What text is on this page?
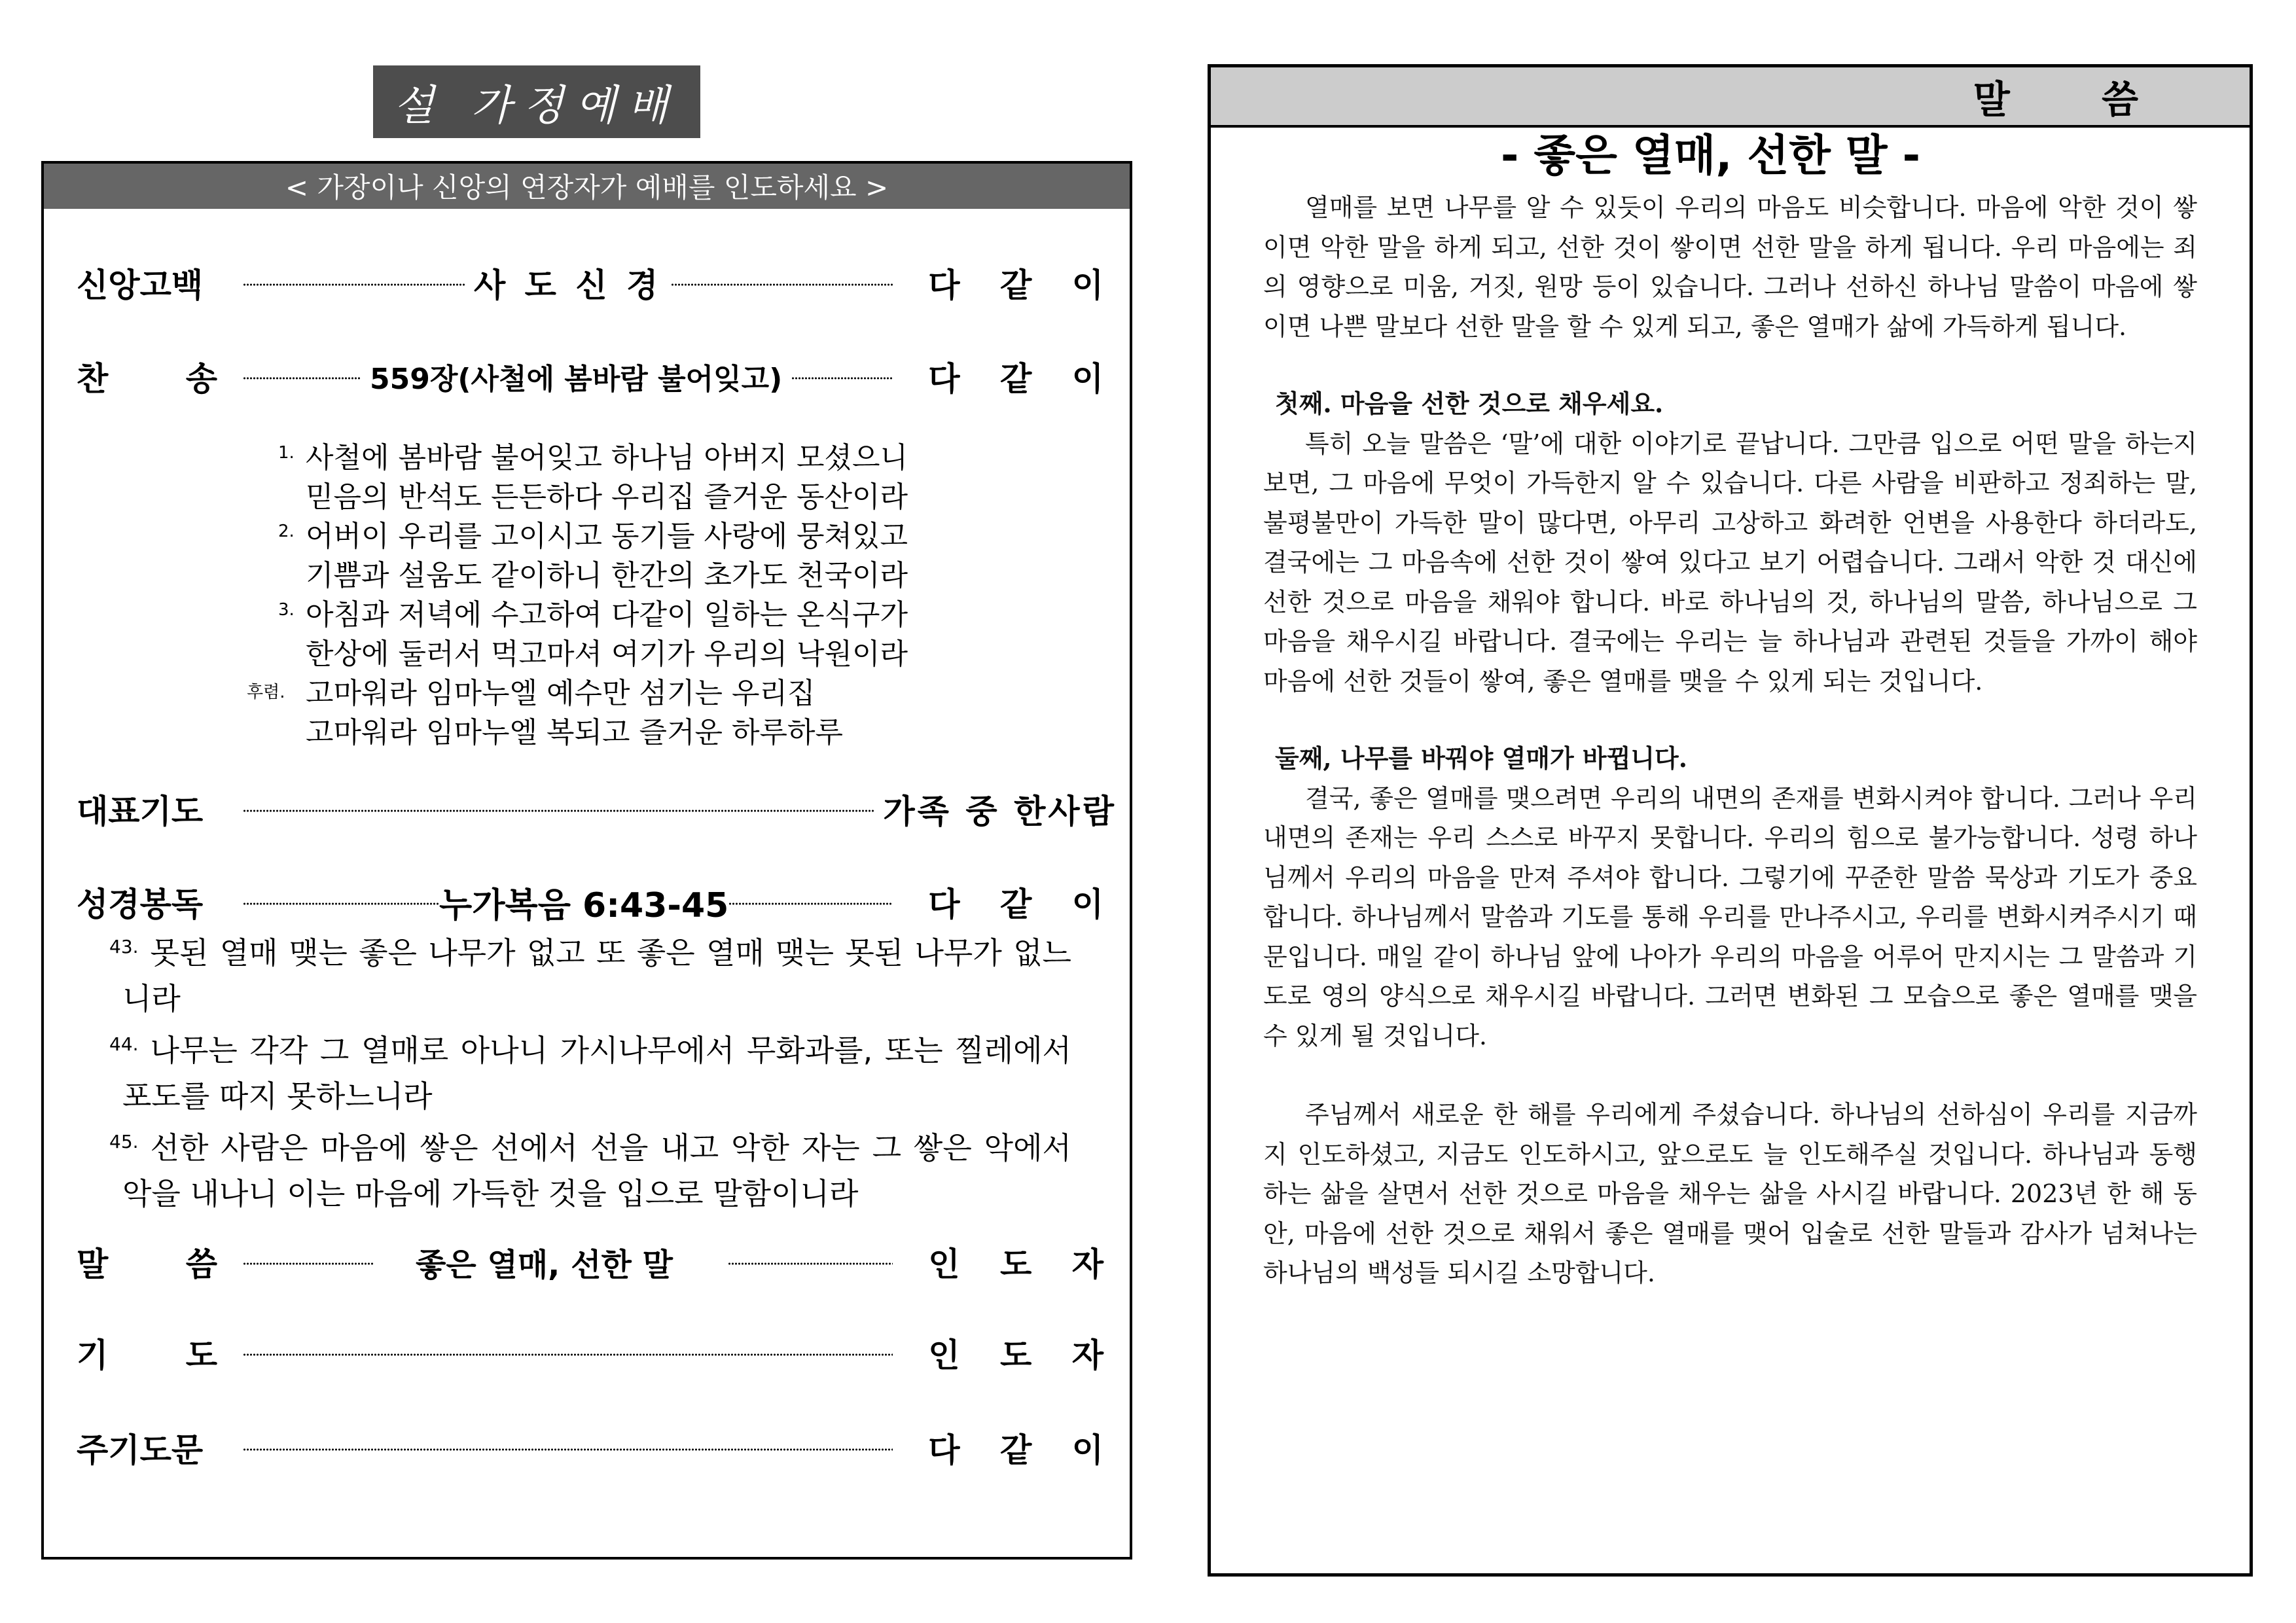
설 가정예배
< 가장이나 신앙의 연장자가 예배를 인도하세요 >
신앙고백	사 도 신 경	다 같 이
찬 송	559장(사철에 봄바람 불어잊고)	다 같 이
1. 사철에 봄바람 불어잊고 하나님 아버지 모셨으니
믿음의 반석도 든든하다 우리집 즐거운 동산이라
2. 어버이 우리를 고이시고 동기들 사랑에 뭉쳐있고
기쁨과 설움도 같이하니 한간의 초가도 천국이라
3. 아침과 저녁에 수고하여 다같이 일하는 온식구가
한상에 둘러서 먹고마셔 여기가 우리의 낙원이라
후렴. 고마워라 임마누엘 예수만 섬기는 우리집
고마워라 임마누엘 복되고 즐거운 하루하루
대표기도	가족 중 한사람
성경봉독	누가복음 6:43-45	다 같 이
$^{43.}$ 못된 열매 맺는 좋은 나무가 없고 또 좋은 열매 맺는 못된 나무가 없느니라
$^{44.}$ 나무는 각각 그 열매로 아나니 가시나무에서 무화과를, 또는 찔레에서 포도를 따지 못하느니라
$^{45.}$ 선한 사람은 마음에 쌓은 선에서 선을 내고 악한 자는 그 쌓은 악에서 악을 내나니 이는 마음에 가득한 것을 입으로 말함이니라
말 씀	좋은 열매, 선한 말	인 도 자
기 도	인 도 자
주기도문	다 같 이
말 씀
- 좋은 열매, 선한 말 -

열매를 보면 나무를 알 수 있듯이 우리의 마음도 비슷합니다. 마음에 악한 것이 쌓이면 악한 말을 하게 되고, 선한 것이 쌓이면 선한 말을 하게 됩니다. 우리 마음에는 죄의 영향으로 미움, 거짓, 원망 등이 있습니다. 그러나 선하신 하나님 말씀이 마음에 쌓이면 나쁜 말보다 선한 말을 할 수 있게 되고, 좋은 열매가 삶에 가득하게 됩니다.

첫째. 마음을 선한 것으로 채우세요.

특히 오늘 말씀은 ‘말’에 대한 이야기로 끝납니다. 그만큼 입으로 어떤 말을 하는지 보면, 그 마음에 무엇이 가득한지 알 수 있습니다. 다른 사람을 비판하고 정죄하는 말, 불평불만이 가득한 말이 많다면, 아무리 고상하고 화려한 언변을 사용한다 하더라도, 결국에는 그 마음속에 선한 것이 쌓여 있다고 보기 어렵습니다. 그래서 악한 것 대신에 선한 것으로 마음을 채워야 합니다. 바로 하나님의 것, 하나님의 말씀, 하나님으로 그 마음을 채우시길 바랍니다. 결국에는 우리는 늘 하나님과 관련된 것들을 가까이 해야 마음에 선한 것들이 쌓여, 좋은 열매를 맺을 수 있게 되는 것입니다.

둘째, 나무를 바꿔야 열매가 바뀝니다.

결국, 좋은 열매를 맺으려면 우리의 내면의 존재를 변화시켜야 합니다. 그러나 우리 내면의 존재는 우리 스스로 바꾸지 못합니다. 우리의 힘으로 불가능합니다. 성령 하나님께서 우리의 마음을 만져 주셔야 합니다. 그렇기에 꾸준한 말씀 묵상과 기도가 중요합니다. 하나님께서 말씀과 기도를 통해 우리를 만나주시고, 우리를 변화시켜주시기 때문입니다. 매일 같이 하나님 앞에 나아가 우리의 마음을 어루어 만지시는 그 말씀과 기도로 영의 양식으로 채우시길 바랍니다. 그러면 변화된 그 모습으로 좋은 열매를 맺을 수 있게 될 것입니다.

주님께서 새로운 한 해를 우리에게 주셨습니다. 하나님의 선하심이 우리를 지금까지 인도하셨고, 지금도 인도하시고, 앞으로도 늘 인도해주실 것입니다. 하나님과 동행하는 삶을 살면서 선한 것으로 마음을 채우는 삶을 사시길 바랍니다. 2023년 한 해 동안, 마음에 선한 것으로 채워서 좋은 열매를 맺어 입술로 선한 말들과 감사가 넘쳐나는 하나님의 백성들 되시길 소망합니다.
